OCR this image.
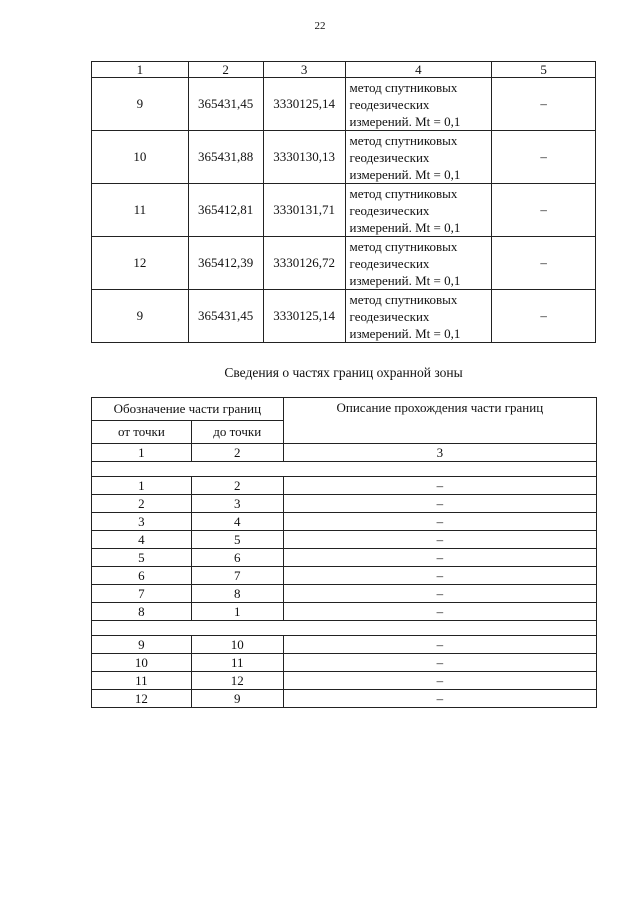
22
1	2	3	4	5
9	365431,45	3330125,14	метод спутниковых
геодезических
измерений. Mt = 0,1	–
10	365431,88	3330130,13	метод спутниковых
геодезических
измерений. Mt = 0,1	–
11	365412,81	3330131,71	метод спутниковых
геодезических
измерений. Mt = 0,1	–
12	365412,39	3330126,72	метод спутниковых
геодезических
измерений. Mt = 0,1	–
9	365431,45	3330125,14	метод спутниковых
геодезических
измерений. Mt = 0,1	–
Сведения о частях границ охранной зоны
Обозначение части границ		Описание прохождения части границ
от точки	до точки	
1	2	3

1	2	–
2	3	–
3	4	–
4	5	–
5	6	–
6	7	–
7	8	–
8	1	–

9	10	–
10	11	–
11	12	–
12	9	–
